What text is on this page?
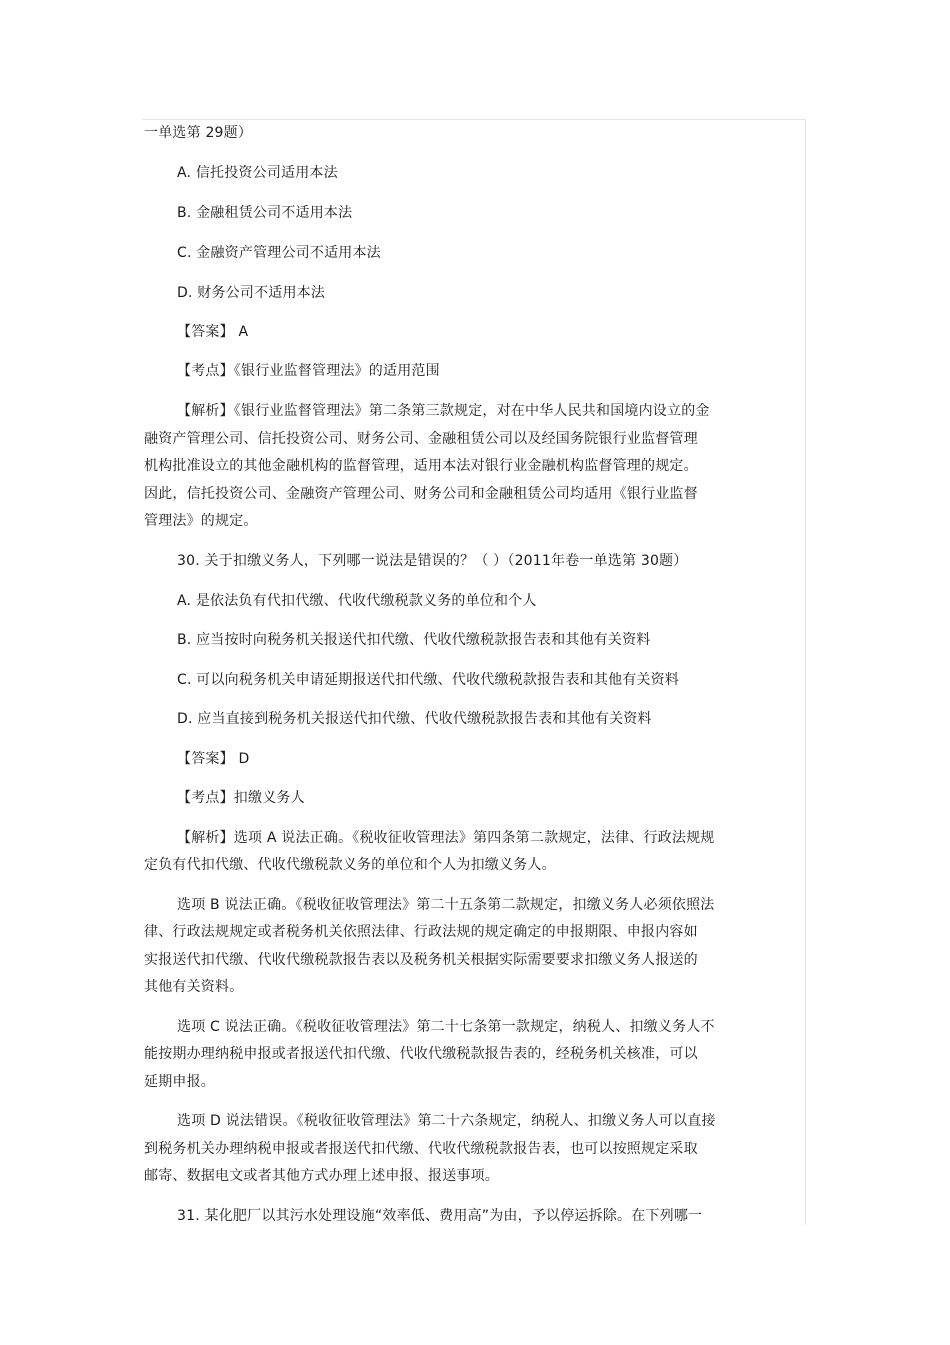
一单选第 29题）
A. 信托投资公司适用本法
B. 金融租赁公司不适用本法
C. 金融资产管理公司不适用本法
D. 财务公司不适用本法
【答案】 A
【考点】《银行业监督管理法》的适用范围
【解析】《银行业监督管理法》第二条第三款规定，对在中华人民共和国境内设立的金
融资产管理公司、信托投资公司、财务公司、金融租赁公司以及经国务院银行业监督管理
机构批准设立的其他金融机构的监督管理，适用本法对银行业金融机构监督管理的规定。
因此，信托投资公司、金融资产管理公司、财务公司和金融租赁公司均适用《银行业监督
管理法》的规定。
30. 关于扣缴义务人，下列哪一说法是错误的？（ ）（2011年卷一单选第 30题）
A. 是依法负有代扣代缴、代收代缴税款义务的单位和个人
B. 应当按时向税务机关报送代扣代缴、代收代缴税款报告表和其他有关资料
C. 可以向税务机关申请延期报送代扣代缴、代收代缴税款报告表和其他有关资料
D. 应当直接到税务机关报送代扣代缴、代收代缴税款报告表和其他有关资料
【答案】 D
【考点】扣缴义务人
【解析】选项 A 说法正确。《税收征收管理法》第四条第二款规定，法律、行政法规规
定负有代扣代缴、代收代缴税款义务的单位和个人为扣缴义务人。
选项 B 说法正确。《税收征收管理法》第二十五条第二款规定，扣缴义务人必须依照法
律、行政法规规定或者税务机关依照法律、行政法规的规定确定的申报期限、申报内容如
实报送代扣代缴、代收代缴税款报告表以及税务机关根据实际需要要求扣缴义务人报送的
其他有关资料。
选项 C 说法正确。《税收征收管理法》第二十七条第一款规定，纳税人、扣缴义务人不
能按期办理纳税申报或者报送代扣代缴、代收代缴税款报告表的，经税务机关核准，可以
延期申报。
选项 D 说法错误。《税收征收管理法》第二十六条规定，纳税人、扣缴义务人可以直接
到税务机关办理纳税申报或者报送代扣代缴、代收代缴税款报告表，也可以按照规定采取
邮寄、数据电文或者其他方式办理上述申报、报送事项。
31. 某化肥厂以其污水处理设施“效率低、费用高”为由，予以停运拆除。在下列哪一
